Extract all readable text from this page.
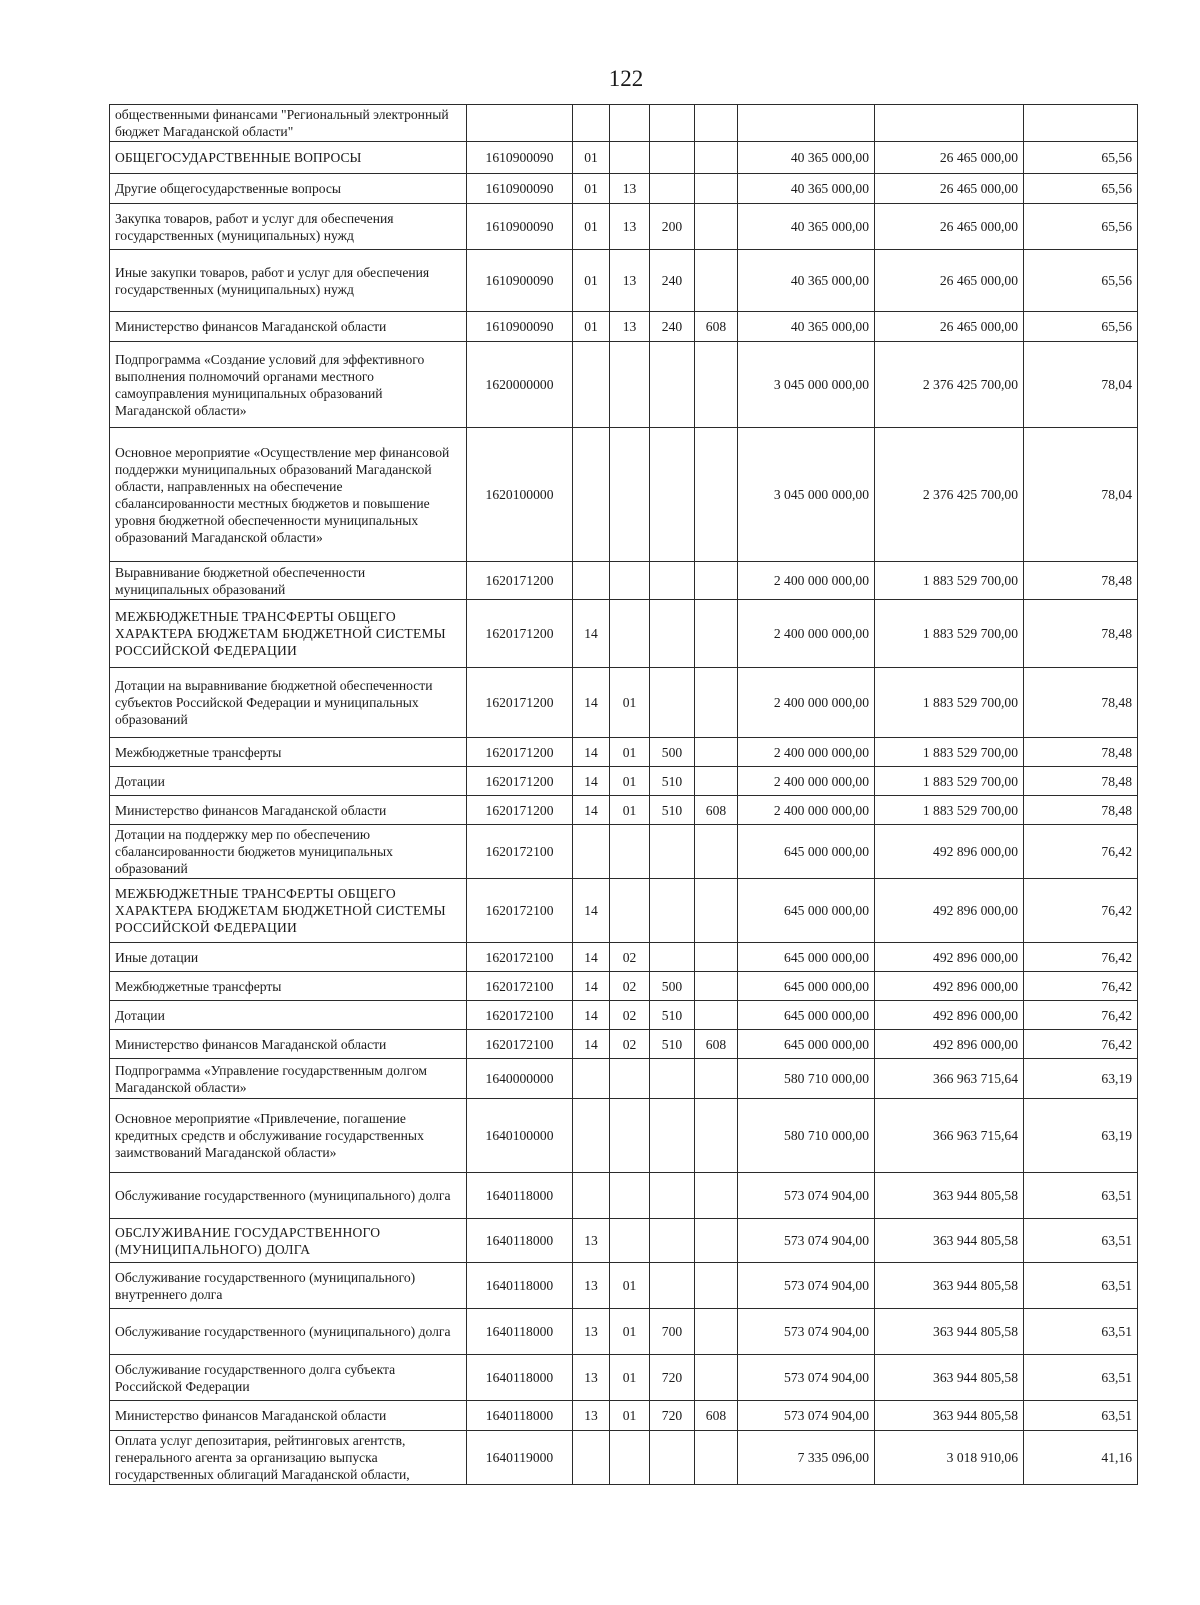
122
общественными финансами "Региональный электронный бюджет Магаданской области"								
ОБЩЕГОСУДАРСТВЕННЫЕ ВОПРОСЫ	1610900090	01				40 365 000,00	26 465 000,00	65,56
Другие общегосударственные вопросы	1610900090	01	13			40 365 000,00	26 465 000,00	65,56
Закупка товаров, работ и услуг для обеспечения государственных (муниципальных) нужд	1610900090	01	13	200		40 365 000,00	26 465 000,00	65,56
Иные закупки товаров, работ и услуг для обеспечения государственных (муниципальных) нужд	1610900090	01	13	240		40 365 000,00	26 465 000,00	65,56
Министерство финансов Магаданской области	1610900090	01	13	240	608	40 365 000,00	26 465 000,00	65,56
Подпрограмма «Создание условий для эффективного выполнения полномочий органами местного самоуправления муниципальных образований Магаданской области»	1620000000					3 045 000 000,00	2 376 425 700,00	78,04
Основное мероприятие «Осуществление мер финансовой поддержки муниципальных образований Магаданской области, направленных на обеспечение сбалансированности местных бюджетов и повышение уровня бюджетной обеспеченности муниципальных образований Магаданской области»	1620100000					3 045 000 000,00	2 376 425 700,00	78,04
Выравнивание бюджетной обеспеченности муниципальных образований	1620171200					2 400 000 000,00	1 883 529 700,00	78,48
МЕЖБЮДЖЕТНЫЕ ТРАНСФЕРТЫ ОБЩЕГО ХАРАКТЕРА БЮДЖЕТАМ БЮДЖЕТНОЙ СИСТЕМЫ РОССИЙСКОЙ ФЕДЕРАЦИИ	1620171200	14				2 400 000 000,00	1 883 529 700,00	78,48
Дотации на выравнивание бюджетной обеспеченности субъектов Российской Федерации и муниципальных образований	1620171200	14	01			2 400 000 000,00	1 883 529 700,00	78,48
Межбюджетные трансферты	1620171200	14	01	500		2 400 000 000,00	1 883 529 700,00	78,48
Дотации	1620171200	14	01	510		2 400 000 000,00	1 883 529 700,00	78,48
Министерство финансов Магаданской области	1620171200	14	01	510	608	2 400 000 000,00	1 883 529 700,00	78,48
Дотации на поддержку мер по обеспечению сбалансированности бюджетов муниципальных образований	1620172100					645 000 000,00	492 896 000,00	76,42
МЕЖБЮДЖЕТНЫЕ ТРАНСФЕРТЫ ОБЩЕГО ХАРАКТЕРА БЮДЖЕТАМ БЮДЖЕТНОЙ СИСТЕМЫ РОССИЙСКОЙ ФЕДЕРАЦИИ	1620172100	14				645 000 000,00	492 896 000,00	76,42
Иные дотации	1620172100	14	02			645 000 000,00	492 896 000,00	76,42
Межбюджетные трансферты	1620172100	14	02	500		645 000 000,00	492 896 000,00	76,42
Дотации	1620172100	14	02	510		645 000 000,00	492 896 000,00	76,42
Министерство финансов Магаданской области	1620172100	14	02	510	608	645 000 000,00	492 896 000,00	76,42
Подпрограмма «Управление государственным долгом Магаданской области»	1640000000					580 710 000,00	366 963 715,64	63,19
Основное мероприятие «Привлечение, погашение кредитных средств и обслуживание государственных заимствований Магаданской области»	1640100000					580 710 000,00	366 963 715,64	63,19
Обслуживание государственного (муниципального) долга	1640118000					573 074 904,00	363 944 805,58	63,51
ОБСЛУЖИВАНИЕ ГОСУДАРСТВЕННОГО (МУНИЦИПАЛЬНОГО) ДОЛГА	1640118000	13				573 074 904,00	363 944 805,58	63,51
Обслуживание государственного (муниципального) внутреннего долга	1640118000	13	01			573 074 904,00	363 944 805,58	63,51
Обслуживание государственного (муниципального) долга	1640118000	13	01	700		573 074 904,00	363 944 805,58	63,51
Обслуживание государственного долга субъекта Российской Федерации	1640118000	13	01	720		573 074 904,00	363 944 805,58	63,51
Министерство финансов Магаданской области	1640118000	13	01	720	608	573 074 904,00	363 944 805,58	63,51
Оплата услуг депозитария, рейтинговых агентств, генерального агента за организацию выпуска государственных облигаций Магаданской области,	1640119000					7 335 096,00	3 018 910,06	41,16
